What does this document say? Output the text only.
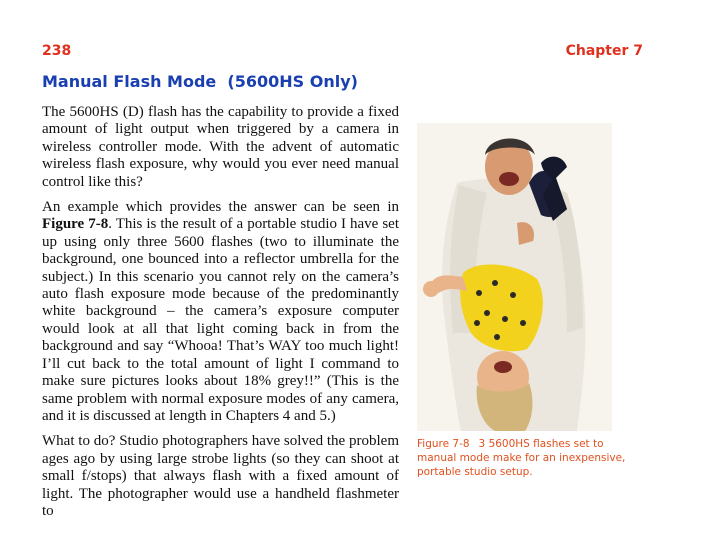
238	Chapter 7
Manual Flash Mode  (5600HS Only)

The 5600HS (D) flash has the capability to provide a fixed amount of light output when triggered by a camera in wireless controller mode. With the advent of automatic wireless flash exposure, why would you ever need manual control like this?

An example which provides the answer can be seen in Figure 7-8. This is the result of a portable studio I have set up using only three 5600 flashes (two to illuminate the background, one bounced into a reflector umbrella for the subject.) In this scenario you cannot rely on the camera’s auto flash exposure mode because of the predominantly white background – the camera’s exposure computer would look at all that light coming back in from the background and say “Whooa! That’s WAY too much light! I’ll cut back to the total amount of light I command to make sure pictures looks about 18% grey!!” (This is the same problem with normal exposure modes of any camera, and it is discussed at length in Chapters 4 and 5.)

What to do? Studio photographers have solved the problem ages ago by using large strobe lights (so they can shoot at small f/stops) that always flash with a fixed amount of light. The photographer would use a handheld flashmeter to

Figure 7-8 3 5600HS flashes set to manual mode make for an inexpensive, portable studio setup.
